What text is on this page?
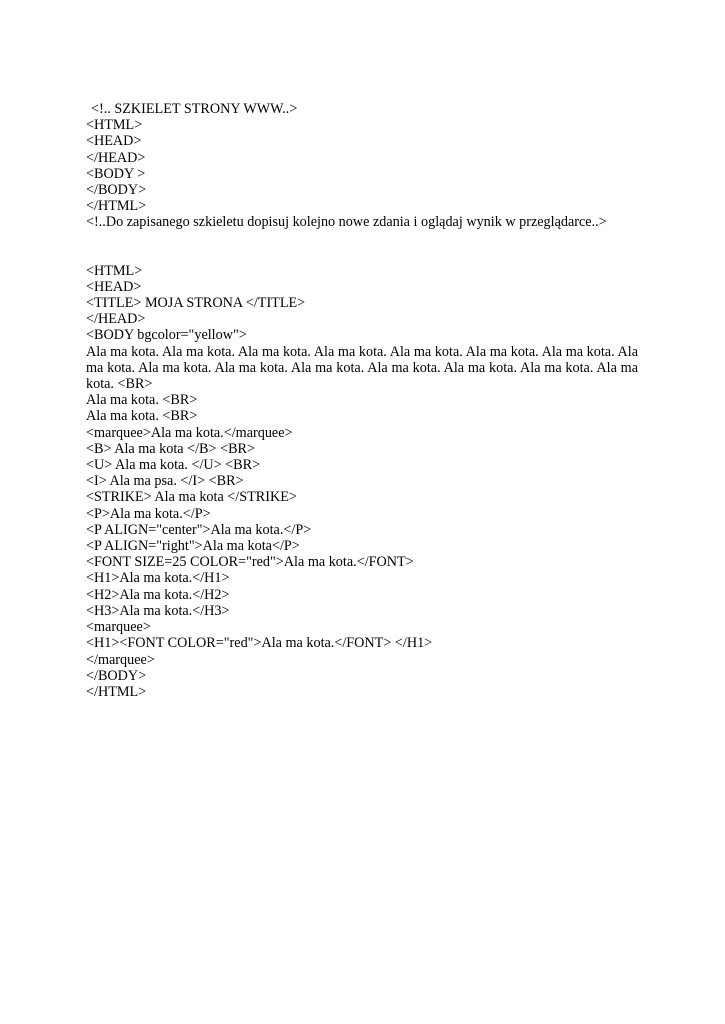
<!.. SZKIELET STRONY WWW..>
<HTML>
<HEAD>
</HEAD>
<BODY >
</BODY>
</HTML>
<!..Do zapisanego szkieletu dopisuj kolejno nowe zdania i oglądaj wynik w przeglądarce..>
<HTML>
<HEAD>
<TITLE> MOJA STRONA </TITLE>
</HEAD>
<BODY bgcolor="yellow">
Ala ma kota. Ala ma kota. Ala ma kota. Ala ma kota. Ala ma kota. Ala ma kota. Ala ma kota. Ala ma kota. Ala ma kota. Ala ma kota. Ala ma kota. Ala ma kota. Ala ma kota. Ala ma kota. Ala ma kota. <BR>
Ala ma kota. <BR>
Ala ma kota. <BR>
<marquee>Ala ma kota.</marquee>
<B> Ala ma kota </B> <BR>
<U> Ala ma kota. </U> <BR>
<I> Ala ma psa. </I> <BR>
<STRIKE> Ala ma kota </STRIKE>
<P>Ala ma kota.</P>
<P ALIGN="center">Ala ma kota.</P>
<P ALIGN="right">Ala ma kota</P>
<FONT SIZE=25 COLOR="red">Ala ma kota.</FONT>
<H1>Ala ma kota.</H1>
<H2>Ala ma kota.</H2>
<H3>Ala ma kota.</H3>
<marquee>
<H1><FONT COLOR="red">Ala ma kota.</FONT> </H1>
</marquee>
</BODY>
</HTML>
